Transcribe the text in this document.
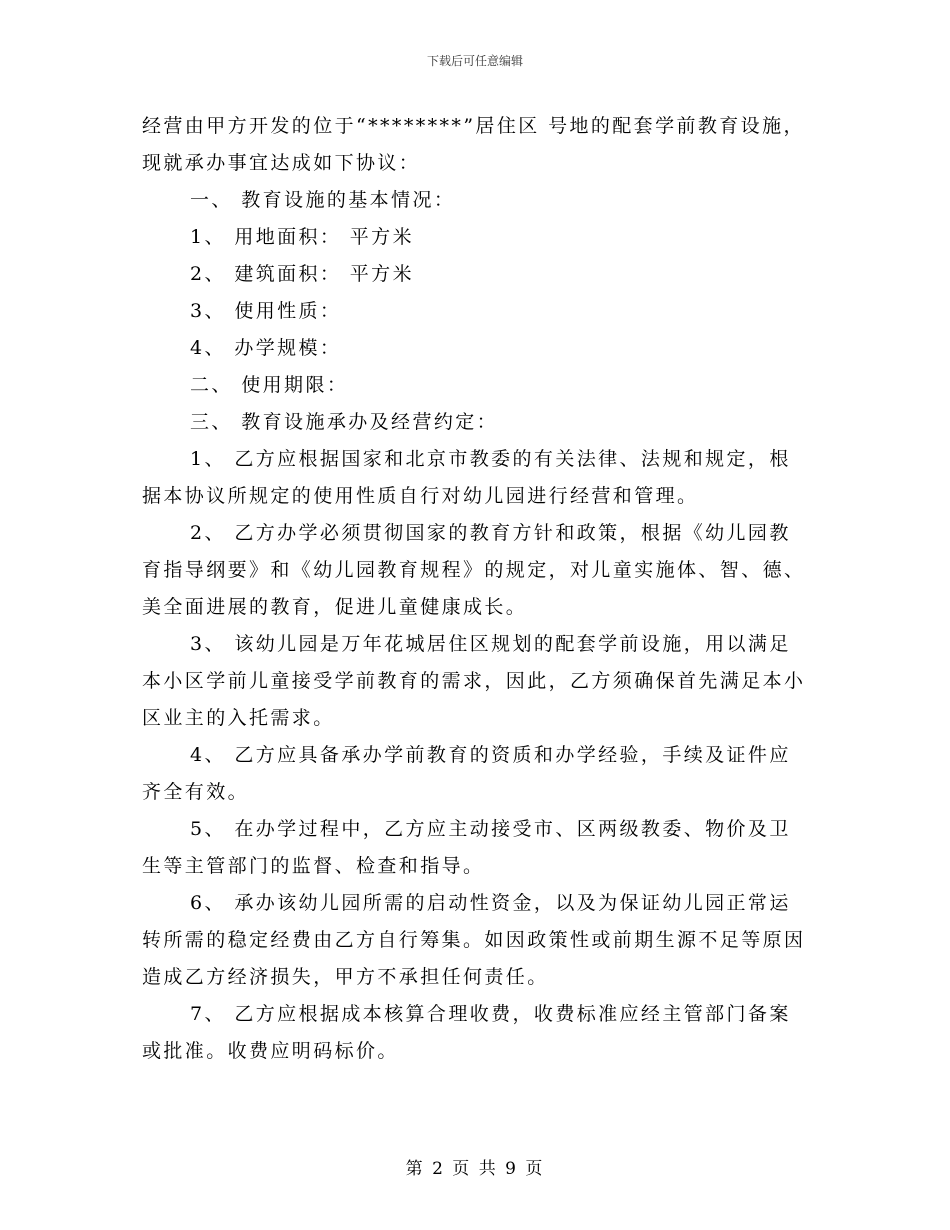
下载后可任意编辑

经营由甲方开发的位于“********”居住区 号地的配套学前教育设施，现就承办事宜达成如下协议：

一、 教育设施的基本情况：

1、 用地面积： 平方米

2、 建筑面积： 平方米

3、 使用性质：

4、 办学规模：

二、 使用期限：

三、 教育设施承办及经营约定：

1、 乙方应根据国家和北京市教委的有关法律、法规和规定，根据本协议所规定的使用性质自行对幼儿园进行经营和管理。

2、 乙方办学必须贯彻国家的教育方针和政策，根据《幼儿园教育指导纲要》和《幼儿园教育规程》的规定，对儿童实施体、智、德、美全面进展的教育，促进儿童健康成长。

3、 该幼儿园是万年花城居住区规划的配套学前设施，用以满足本小区学前儿童接受学前教育的需求，因此，乙方须确保首先满足本小区业主的入托需求。

4、 乙方应具备承办学前教育的资质和办学经验，手续及证件应齐全有效。

5、 在办学过程中，乙方应主动接受市、区两级教委、物价及卫生等主管部门的监督、检查和指导。

6、 承办该幼儿园所需的启动性资金，以及为保证幼儿园正常运转所需的稳定经费由乙方自行筹集。如因政策性或前期生源不足等原因造成乙方经济损失，甲方不承担任何责任。

7、 乙方应根据成本核算合理收费，收费标准应经主管部门备案或批准。收费应明码标价。

第 2 页 共 9 页
